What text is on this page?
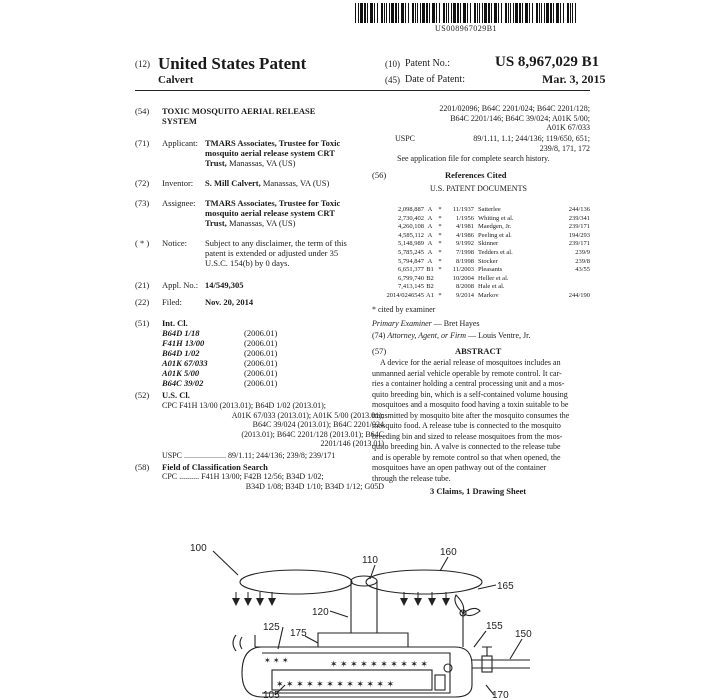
US008967029B1
(12) United States Patent
Calvert
(10) Patent No.:	US 8,967,029 B1
(45) Date of Patent:	Mar. 3, 2015
(54) TOXIC MOSQUITO AERIAL RELEASE
SYSTEM
(71) Applicant: TMARS Associates, Trustee for Toxic
mosquito aerial release system CRT
Trust, Manassas, VA (US)
(72) Inventor: S. Mill Calvert, Manassas, VA (US)
(73) Assignee: TMARS Associates, Trustee for Toxic
mosquito aerial release system CRT
Trust, Manassas, VA (US)
( * ) Notice: Subject to any disclaimer, the term of this
patent is extended or adjusted under 35
U.S.C. 154(b) by 0 days.
(21) Appl. No.: 14/549,305
(22) Filed:	Nov. 20, 2014
(51) Int. Cl.
B64D 1/18	(2006.01)
F41H 13/00	(2006.01)
B64D 1/02	(2006.01)
A01K 67/033	(2006.01)
A01K 5/00	(2006.01)
B64C 39/02	(2006.01)
(52) U.S. Cl.
CPC F41H 13/00 (2013.01); B64D 1/02 (2013.01);
A01K 67/033 (2013.01); A01K 5/00 (2013.01);
B64C 39/024 (2013.01); B64C 2201/024
(2013.01); B64C 2201/128 (2013.01); B64C
2201/146 (2013.01)
USPC ..................... 89/1.11; 244/136; 239/8; 239/171
(58) Field of Classification Search
CPC .......... F41H 13/00; F42B 12/56; B34D 1/02;
B34D 1/08; B34D 1/10; B34D 1/12; G05D
2201/02096; B64C 2201/024; B64C 2201/128;
B64C 2201/146; B64C 39/024; A01K 5/00;
A01K 67/033
USPC	89/1.11, 1.1; 244/136; 119/650, 651;
239/8, 171, 172
See application file for complete search history.
(56)	References Cited
U.S. PATENT DOCUMENTS
2,098,887 A *	11/1937 Satterlee	244/136
2,730,402 A *	1/1956 Whiting et al.	239/341
4,260,108 A *	4/1981 Maedgen, Jr.	239/171
4,585,112 A *	4/1986 Peeling et al.	194/293
5,148,989 A *	9/1992 Skinner	239/171
5,785,245 A *	7/1998 Tedders et al.	239/9
5,794,847 A *	8/1998 Stocker	239/8
6,651,377 B1 *	11/2003 Pleasants	43/55
6,799,740 B2	10/2004 Heller et al.
7,413,145 B2	8/2008 Hale et al.
2014/0246545 A1 *	9/2014 Markov	244/190
* cited by examiner
Primary Examiner — Bret Hayes
(74) Attorney, Agent, or Firm — Louis Ventre, Jr.
(57)	ABSTRACT
A device for the aerial release of mosquitoes includes an
unmanned aerial vehicle operable by remote control. It car-
ries a container holding a central processing unit and a mos-
quito breeding bin, which is a self-contained volume housing
mosquitoes and a mosquito food having a toxin suitable to be
transmitted by mosquito bite after the mosquito consumes the
mosquito food. A release tube is connected to the mosquito
breeding bin and sized to release mosquitoes from the mos-
quito breeding bin. A valve is connected to the release tube
and is operable by remote control so that when opened, the
mosquitoes have an open pathway out of the container
through the release tube.
3 Claims, 1 Drawing Sheet
✶ ✶ ✶ ✶ ✶ ✶ ✶ ✶ ✶ ✶ ✶ ✶
✶ ✶ ✶ ✶ ✶ ✶ ✶ ✶ ✶ ✶
✶ ✶ ✶
100
110
160
165
120
125
175
155
150
105	170
